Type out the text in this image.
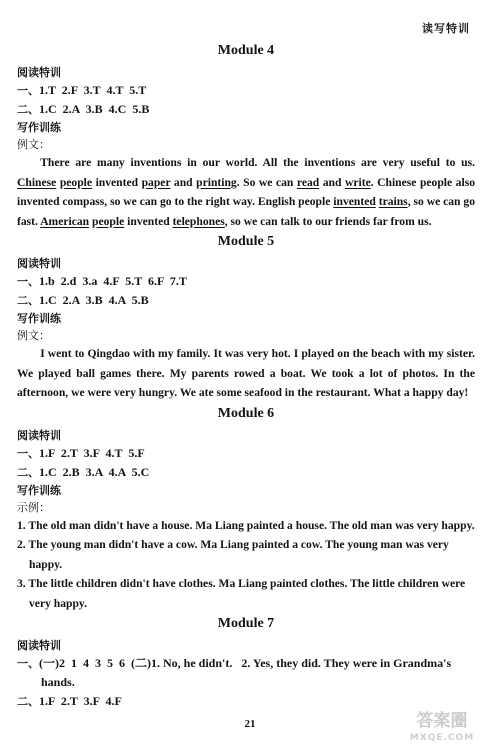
读写特训
Module 4
阅读特训

一、1.T  2.F  3.T  4.T  5.T

二、1.C  2.A  3.B  4.C  5.B

写作训练
例文：

There are many inventions in our world. All the inventions are very useful to us. Chinese people invented paper and printing. So we can read and write. Chinese people also invented compass, so we can go to the right way. English people invented trains, so we can go fast. American people invented telephones, so we can talk to our friends far from us.

Module 5
阅读特训

一、1.b  2.d  3.a  4.F  5.T  6.F  7.T

二、1.C  2.A  3.B  4.A  5.B

写作训练
例文：

I went to Qingdao with my family. It was very hot. I played on the beach with my sister. We played ball games there. My parents rowed a boat. We took a lot of photos. In the afternoon, we were very hungry. We ate some seafood in the restaurant. What a happy day!

Module 6
阅读特训

一、1.F  2.T  3.F  4.T  5.F

二、1.C  2.B  3.A  4.A  5.C

写作训练
示例：

1. The old man didn't have a house. Ma Liang painted a house. The old man was very happy.

2. The young man didn't have a cow. Ma Liang painted a cow. The young man was very happy.

3. The little children didn't have clothes. Ma Liang painted clothes. The little children were very happy.

Module 7
阅读特训

一、(一)2  1  4  3  5  6  (二)1. No, he didn't.   2. Yes, they did. They were in Grandma's hands.

二、1.F  2.T  3.F  4.F

21	答案圈
MXQE.COM
